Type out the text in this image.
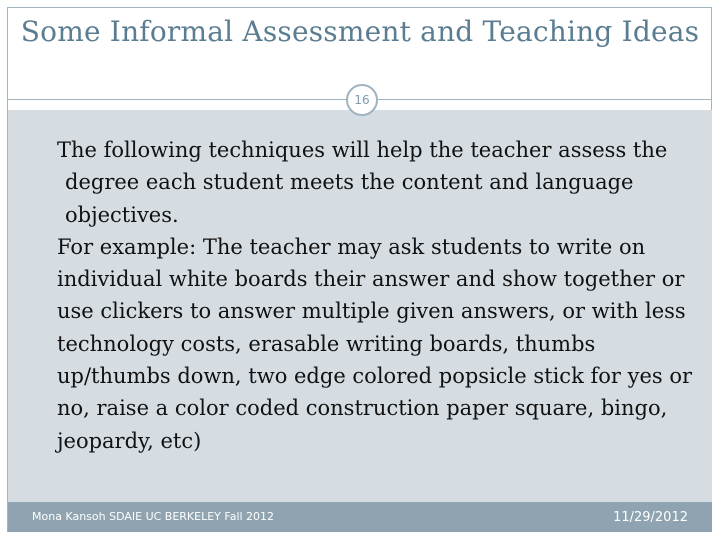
Some Informal Assessment and Teaching Ideas
16

The following techniques will help the teacher assess the degree each student meets the content and language objectives.

For example: The teacher may ask students to write on individual white boards their answer and show together or use clickers to answer multiple given answers, or with less technology costs, erasable writing boards, thumbs up/thumbs down, two edge colored popsicle stick for yes or no, raise a color coded construction paper square, bingo, jeopardy, etc)

Mona Kansoh SDAIE UC BERKELEY Fall 2012	11/29/2012
